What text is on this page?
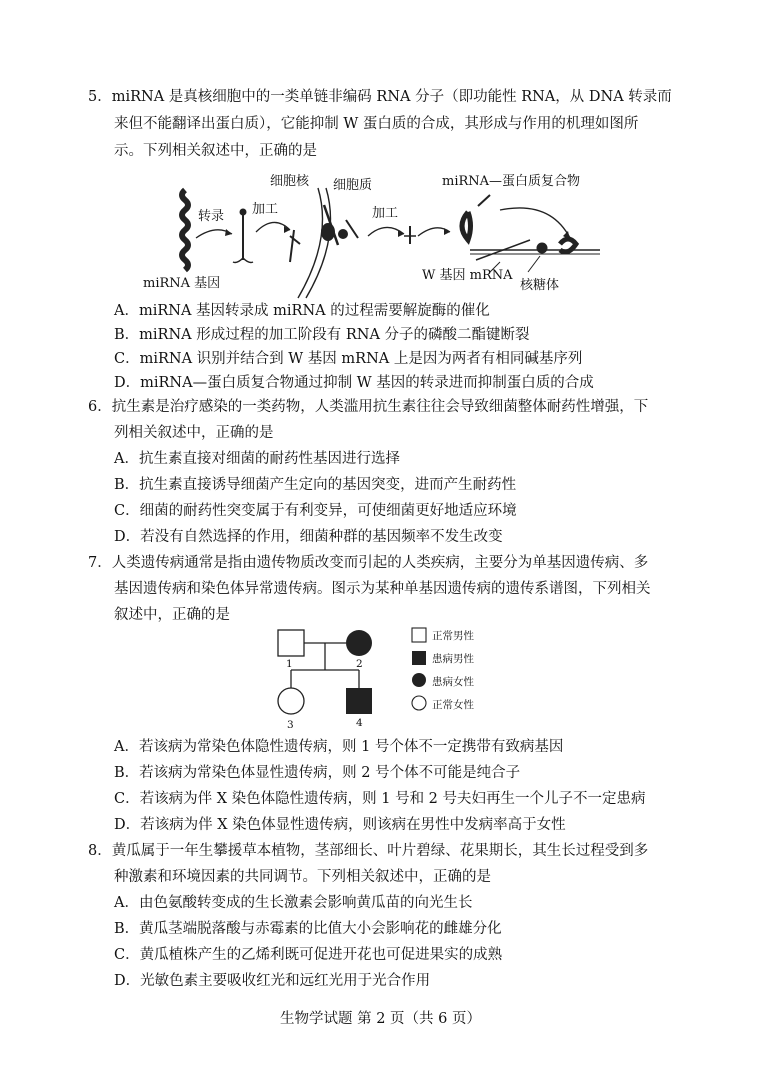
5．miRNA 是真核细胞中的一类单链非编码 RNA 分子（即功能性 RNA，从 DNA 转录而
来但不能翻译出蛋白质），它能抑制 W 蛋白质的合成，其形成与作用的机理如图所
示。下列相关叙述中，正确的是
转录 加工
细胞核 细胞质
加工
miRNA—蛋白质复合物
miRNA 基因
W 基因 mRNA
核糖体
A．miRNA 基因转录成 miRNA 的过程需要解旋酶的催化
B．miRNA 形成过程的加工阶段有 RNA 分子的磷酸二酯键断裂
C．miRNA 识别并结合到 W 基因 mRNA 上是因为两者有相同碱基序列
D．miRNA—蛋白质复合物通过抑制 W 基因的转录进而抑制蛋白质的合成
6．抗生素是治疗感染的一类药物，人类滥用抗生素往往会导致细菌整体耐药性增强，下
列相关叙述中，正确的是
A．抗生素直接对细菌的耐药性基因进行选择
B．抗生素直接诱导细菌产生定向的基因突变，进而产生耐药性
C．细菌的耐药性突变属于有利变异，可使细菌更好地适应环境
D．若没有自然选择的作用，细菌种群的基因频率不发生改变
7．人类遗传病通常是指由遗传物质改变而引起的人类疾病，主要分为单基因遗传病、多
基因遗传病和染色体异常遗传病。图示为某种单基因遗传病的遗传系谱图，下列相关
叙述中，正确的是
1	2
3	4
正常男性
患病男性
患病女性
正常女性
A．若该病为常染色体隐性遗传病，则 1 号个体不一定携带有致病基因
B．若该病为常染色体显性遗传病，则 2 号个体不可能是纯合子
C．若该病为伴 X 染色体隐性遗传病，则 1 号和 2 号夫妇再生一个儿子不一定患病
D．若该病为伴 X 染色体显性遗传病，则该病在男性中发病率高于女性
8．黄瓜属于一年生攀援草本植物，茎部细长、叶片碧绿、花果期长，其生长过程受到多
种激素和环境因素的共同调节。下列相关叙述中，正确的是
A．由色氨酸转变成的生长激素会影响黄瓜苗的向光生长
B．黄瓜茎端脱落酸与赤霉素的比值大小会影响花的雌雄分化
C．黄瓜植株产生的乙烯利既可促进开花也可促进果实的成熟
D．光敏色素主要吸收红光和远红光用于光合作用
生物学试题 第 2 页（共 6 页）
